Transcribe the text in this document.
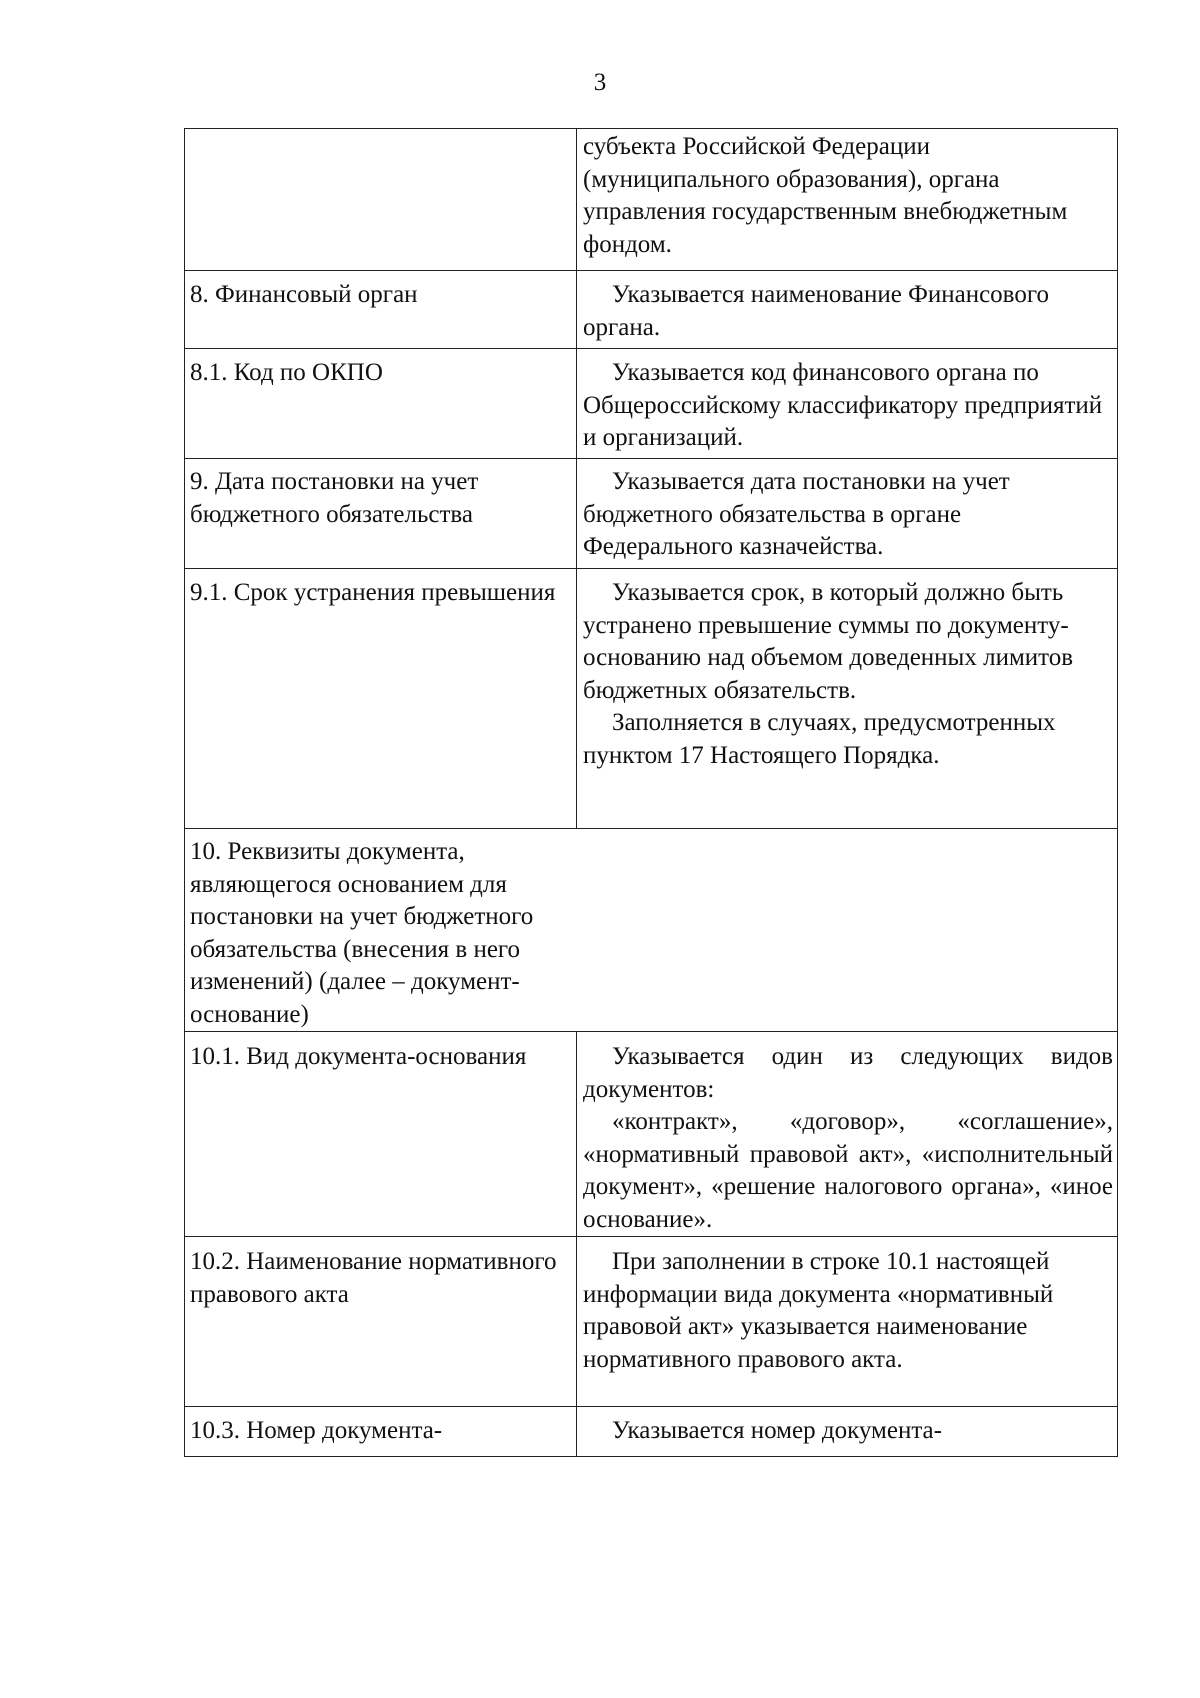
3

	субъекта Российской Федерации (муниципального образования), органа управления государственным внебюджетным фондом.

8. Финансовый орган	Указывается наименование Финансового органа.

8.1. Код по ОКПО	Указывается код финансового органа по Общероссийскому классификатору предприятий и организаций.

9. Дата постановки на учет бюджетного обязательства	Указывается дата постановки на учет бюджетного обязательства в органе Федерального казначейства.

9.1. Срок устранения превышения	Указывается срок, в который должно быть устранено превышение суммы по документу-основанию над объемом доведенных лимитов бюджетных обязательств.
Заполняется в случаях, предусмотренных пунктом 17 Настоящего Порядка.

10. Реквизиты документа, являющегося основанием для постановки на учет бюджетного обязательства (внесения в него изменений) (далее – документ-основание)	

10.1. Вид документа-основания	Указывается один из следующих видов документов:
«контракт», «договор», «соглашение», «нормативный правовой акт», «исполнительный документ», «решение налогового органа», «иное основание».

10.2. Наименование нормативного правового акта	При заполнении в строке 10.1 настоящей информации вида документа «нормативный правовой акт» указывается наименование нормативного правового акта.

10.3. Номер документа-	Указывается номер документа-
